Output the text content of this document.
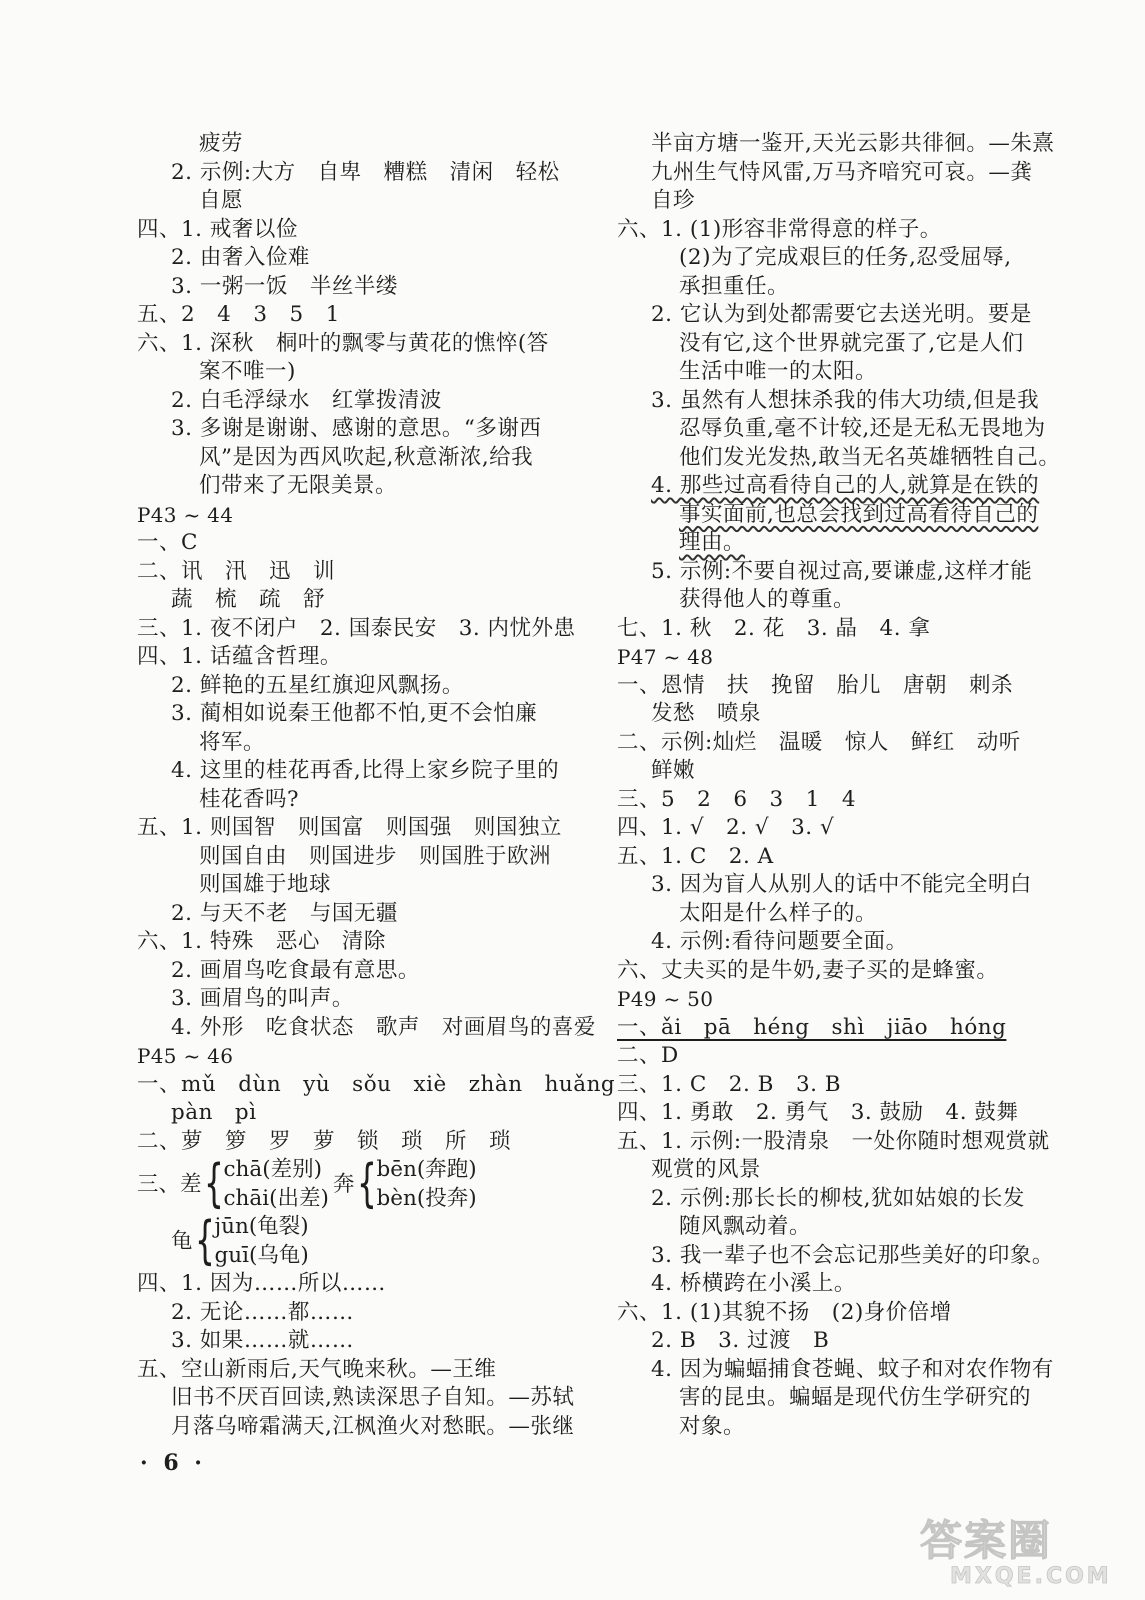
疲劳
2. 示例:大方　自卑　糟糕　清闲　轻松
自愿
四、1. 戒奢以俭
2. 由奢入俭难
3. 一粥一饭　半丝半缕
五、2　4　3　5　1
六、1. 深秋　桐叶的飘零与黄花的憔悴(答
案不唯一)
2. 白毛浮绿水　红掌拨清波
3. 多谢是谢谢、感谢的意思。“多谢西
风”是因为西风吹起,秋意渐浓,给我
们带来了无限美景。
P43 ~ 44
一、C
二、讯　汛　迅　训
蔬　梳　疏　舒
三、1. 夜不闭户　2. 国泰民安　3. 内忧外患
四、1. 话蕴含哲理。
2. 鲜艳的五星红旗迎风飘扬。
3. 蔺相如说秦王他都不怕,更不会怕廉
将军。
4. 这里的桂花再香,比得上家乡院子里的
桂花香吗?
五、1. 则国智　则国富　则国强　则国独立
则国自由　则国进步　则国胜于欧洲
则国雄于地球
2. 与天不老　与国无疆
六、1. 特殊　恶心　清除
2. 画眉鸟吃食最有意思。
3. 画眉鸟的叫声。
4. 外形　吃食状态　歌声　对画眉鸟的喜爱
P45 ~ 46
一、mǔ　dùn　yù　sǒu　xiè　zhàn　huǎng
pàn　pì
二、萝　箩　罗　萝　锁　琐　所　琐
三、差 { chā(差别)
chāi(出差)
奔 { bēn(奔跑)
bèn(投奔)
龟 { jūn(龟裂)
guī(乌龟)
四、1. 因为……所以……
2. 无论……都……
3. 如果……就……
五、空山新雨后,天气晚来秋。—王维
旧书不厌百回读,熟读深思子自知。—苏轼
月落乌啼霜满天,江枫渔火对愁眠。—张继
半亩方塘一鉴开,天光云影共徘徊。—朱熹
九州生气恃风雷,万马齐喑究可哀。—龚
自珍
六、1. (1)形容非常得意的样子。
(2)为了完成艰巨的任务,忍受屈辱,
承担重任。
2. 它认为到处都需要它去送光明。要是
没有它,这个世界就完蛋了,它是人们
生活中唯一的太阳。
3. 虽然有人想抹杀我的伟大功绩,但是我
忍辱负重,毫不计较,还是无私无畏地为
他们发光发热,敢当无名英雄牺牲自己。
4. 那些过高看待自己的人,就算是在铁的
事实面前,也总会找到过高看待自己的
理由。
5. 示例:不要自视过高,要谦虚,这样才能
获得他人的尊重。
七、1. 秋　2. 花　3. 晶　4. 拿
P47 ~ 48
一、恩情　扶　挽留　胎儿　唐朝　刺杀
发愁　喷泉
二、示例:灿烂　温暖　惊人　鲜红　动听
鲜嫩
三、5　2　6　3　1　4
四、1. √　2. √　3. √
五、1. C　2. A
3. 因为盲人从别人的话中不能完全明白
太阳是什么样子的。
4. 示例:看待问题要全面。
六、丈夫买的是牛奶,妻子买的是蜂蜜。
P49 ~ 50
一、ǎi　pā　héng　shì　jiāo　hóng
二、D
三、1. C　2. B　3. B
四、1. 勇敢　2. 勇气　3. 鼓励　4. 鼓舞
五、1. 示例:一股清泉　一处你随时想观赏就
观赏的风景
2. 示例:那长长的柳枝,犹如姑娘的长发
随风飘动着。
3. 我一辈子也不会忘记那些美好的印象。
4. 桥横跨在小溪上。
六、1. (1)其貌不扬　(2)身价倍增
2. B　3. 过渡　B
4. 因为蝙蝠捕食苍蝇、蚊子和对农作物有
害的昆虫。蝙蝠是现代仿生学研究的
对象。
· 6 ·
答案圈
MXQE.COM
